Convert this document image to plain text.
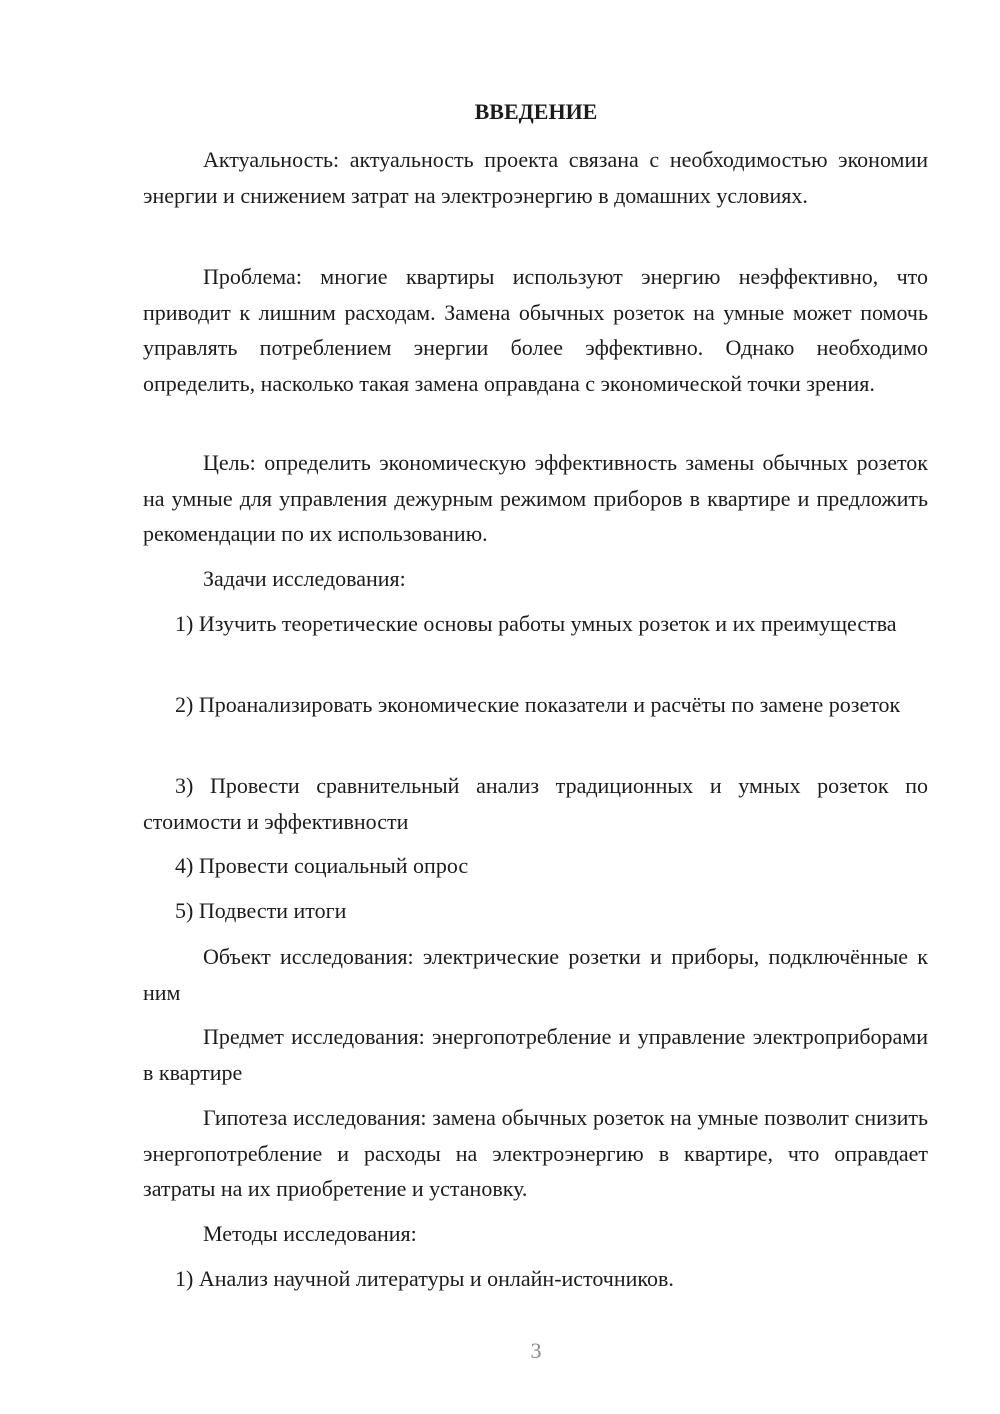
ВВЕДЕНИЕ

Актуальность: актуальность проекта связана с необходимостью экономии энергии и снижением затрат на электроэнергию в домашних условиях.

Проблема: многие квартиры используют энергию неэффективно, что приводит к лишним расходам. Замена обычных розеток на умные может помочь управлять потреблением энергии более эффективно. Однако необходимо определить, насколько такая замена оправдана с экономической точки зрения.

Цель: определить экономическую эффективность замены обычных розеток на умные для управления дежурным режимом приборов в квартире и предложить рекомендации по их использованию.

Задачи исследования:

1) Изучить теоретические основы работы умных розеток и их преимущества

2) Проанализировать экономические показатели и расчёты по замене розеток

3) Провести сравнительный анализ традиционных и умных розеток по стоимости и эффективности

4) Провести социальный опрос

5) Подвести итоги

Объект исследования: электрические розетки и приборы, подключённые к ним

Предмет исследования: энергопотребление и управление электроприборами в квартире

Гипотеза исследования: замена обычных розеток на умные позволит снизить энергопотребление и расходы на электроэнергию в квартире, что оправдает затраты на их приобретение и установку.

Методы исследования:

1) Анализ научной литературы и онлайн-источников.

3
